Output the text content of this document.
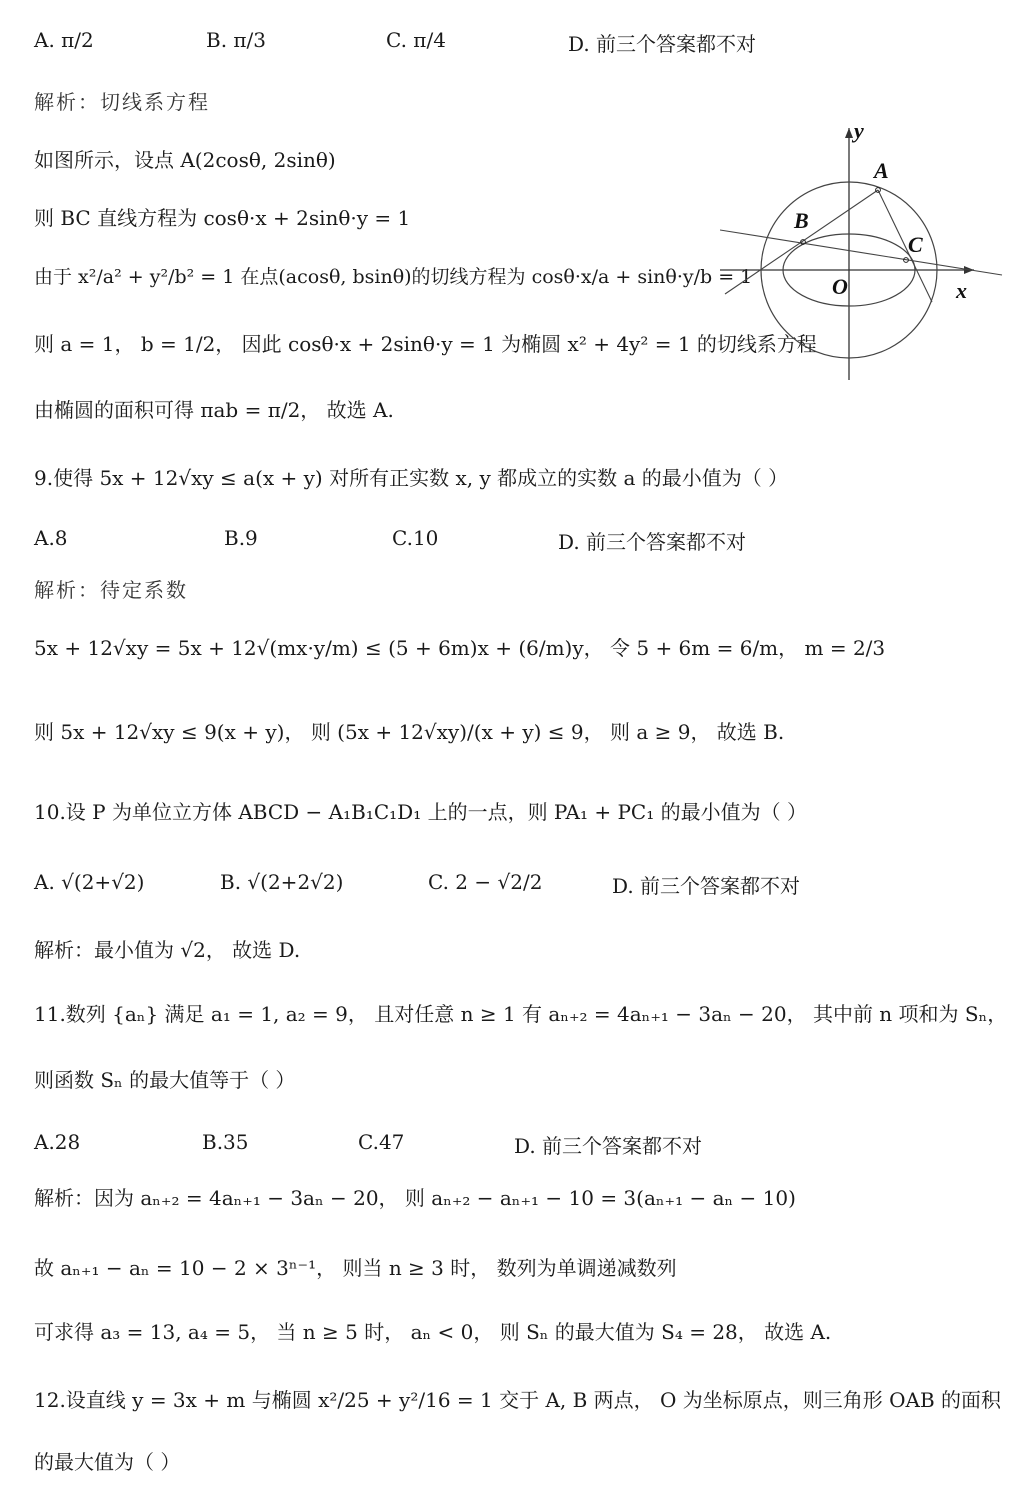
A. π/2	B. π/3	C. π/4	D. 前三个答案都不对
解析：切线系方程
如图所示，设点 A(2cosθ, 2sinθ)
则 BC 直线方程为 cosθ·x + 2sinθ·y = 1
由于 x²/a² + y²/b² = 1 在点(acosθ, bsinθ)的切线方程为 cosθ·x/a + sinθ·y/b = 1
则 a = 1， b = 1/2， 因此 cosθ·x + 2sinθ·y = 1 为椭圆 x² + 4y² = 1 的切线系方程
由椭圆的面积可得 πab = π/2， 故选 A.
y
A
B
C
O	x
9.使得 5x + 12√xy ≤ a(x + y) 对所有正实数 x, y 都成立的实数 a 的最小值为（ ）
A.8	B.9	C.10	D. 前三个答案都不对
解析：待定系数
5x + 12√xy = 5x + 12√(mx·y/m) ≤ (5 + 6m)x + (6/m)y， 令 5 + 6m = 6/m， m = 2/3
则 5x + 12√xy ≤ 9(x + y)， 则 (5x + 12√xy)/(x + y) ≤ 9， 则 a ≥ 9， 故选 B.
10.设 P 为单位立方体 ABCD − A₁B₁C₁D₁ 上的一点，则 PA₁ + PC₁ 的最小值为（ ）
A. √(2+√2)	B. √(2+2√2)	C. 2 − √2/2	D. 前三个答案都不对
解析：最小值为 √2， 故选 D.
11.数列 {aₙ} 满足 a₁ = 1, a₂ = 9， 且对任意 n ≥ 1 有 aₙ₊₂ = 4aₙ₊₁ − 3aₙ − 20， 其中前 n 项和为 Sₙ，
则函数 Sₙ 的最大值等于（ ）
A.28	B.35	C.47	D. 前三个答案都不对
解析：因为 aₙ₊₂ = 4aₙ₊₁ − 3aₙ − 20， 则 aₙ₊₂ − aₙ₊₁ − 10 = 3(aₙ₊₁ − aₙ − 10)
故 aₙ₊₁ − aₙ = 10 − 2 × 3ⁿ⁻¹， 则当 n ≥ 3 时， 数列为单调递减数列
可求得 a₃ = 13, a₄ = 5， 当 n ≥ 5 时， aₙ < 0， 则 Sₙ 的最大值为 S₄ = 28， 故选 A.
12.设直线 y = 3x + m 与椭圆 x²/25 + y²/16 = 1 交于 A, B 两点， O 为坐标原点，则三角形 OAB 的面积
的最大值为（ ）
